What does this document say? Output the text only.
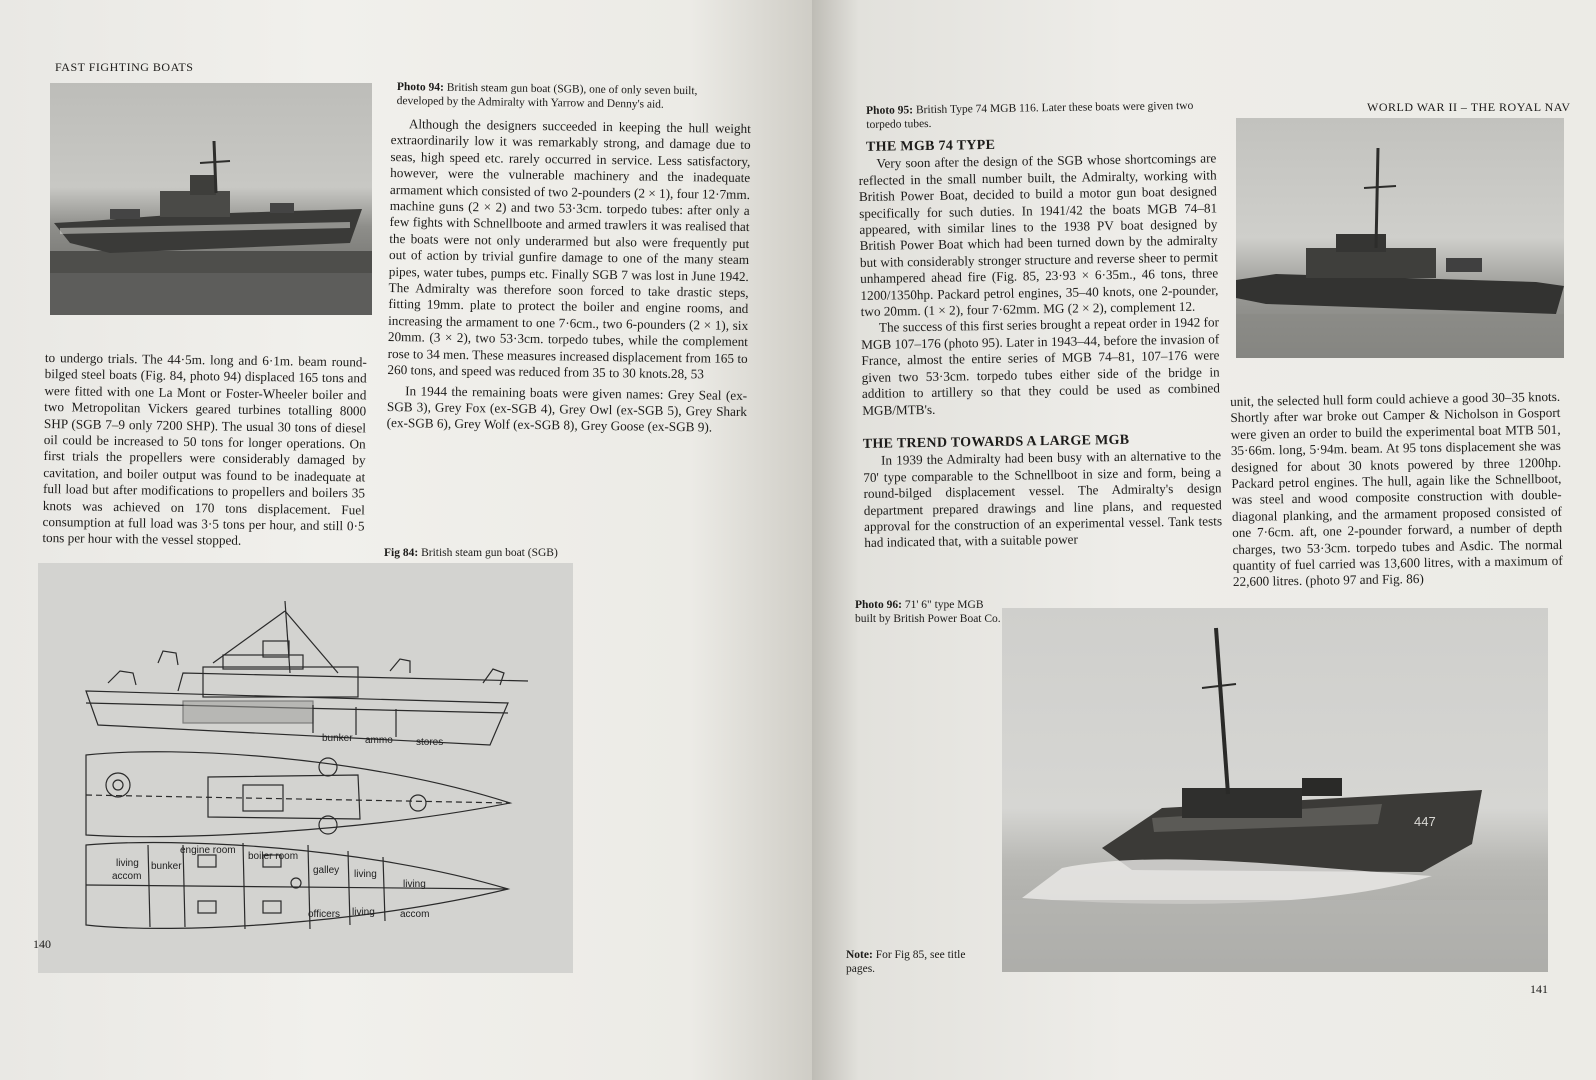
FAST FIGHTING BOATS
Photo 94: British steam gun boat (SGB), one of only seven built, developed by the Admiralty with Yarrow and Denny's aid.

Although the designers succeeded in keeping the hull weight extraordinarily low it was remarkably strong, and damage due to seas, high speed etc. rarely occurred in service. Less satisfactory, however, were the vulnerable machinery and the inadequate armament which consisted of two 2-pounders (2 × 1), four 12·7mm. machine guns (2 × 2) and two 53·3cm. torpedo tubes: after only a few fights with Schnellboote and armed trawlers it was realised that the boats were not only underarmed but also were frequently put out of action by trivial gunfire damage to one of the many steam pipes, water tubes, pumps etc. Finally SGB 7 was lost in June 1942. The Admiralty was therefore soon forced to take drastic steps, fitting 19mm. plate to protect the boiler and engine rooms, and increasing the armament to one 7·6cm., two 6-pounders (2 × 1), six 20mm. (3 × 2), two 53·3cm. torpedo tubes, while the complement rose to 34 men. These measures increased displacement from 165 to 260 tons, and speed was reduced from 35 to 30 knots.28, 53

In 1944 the remaining boats were given names: Grey Seal (ex-SGB 3), Grey Fox (ex-SGB 4), Grey Owl (ex-SGB 5), Grey Shark (ex-SGB 6), Grey Wolf (ex-SGB 8), Grey Goose (ex-SGB 9).

to undergo trials. The 44·5m. long and 6·1m. beam round-bilged steel boats (Fig. 84, photo 94) displaced 165 tons and were fitted with one La Mont or Foster-Wheeler boiler and two Metropolitan Vickers geared turbines totalling 8000 SHP (SGB 7–9 only 7200 SHP). The usual 30 tons of diesel oil could be increased to 50 tons for longer operations. On first trials the propellers were considerably damaged by cavitation, and boiler output was found to be inadequate at full load but after modifications to propellers and boilers 35 knots was achieved on 170 tons displacement. Fuel consumption at full load was 3·5 tons per hour, and still 0·5 tons per hour with the vessel stopped.

Fig 84: British steam gun boat (SGB)
bunker ammo stores
engine room
boiler room
living
accom
bunker	galley living
living
officers living	accom
140
WORLD WAR II – THE ROYAL NAV
Photo 95: British Type 74 MGB 116. Later these boats were given two torpedo tubes.
THE MGB 74 TYPE

Very soon after the design of the SGB whose shortcomings are reflected in the small number built, the Admiralty, working with British Power Boat, decided to build a motor gun boat designed specifically for such duties. In 1941/42 the boats MGB 74–81 appeared, with similar lines to the 1938 PV boat designed by British Power Boat which had been turned down by the admiralty but with considerably stronger structure and reverse sheer to permit unhampered ahead fire (Fig. 85, 23·93 × 6·35m., 46 tons, three 1200/1350hp. Packard petrol engines, 35–40 knots, one 2-pounder, two 20mm. (1 × 2), four 7·62mm. MG (2 × 2), complement 12.

The success of this first series brought a repeat order in 1942 for MGB 107–176 (photo 95). Later in 1943–44, before the invasion of France, almost the entire series of MGB 74–81, 107–176 were given two 53·3cm. torpedo tubes either side of the bridge in addition to artillery so that they could be used as combined MGB/MTB's.

THE TREND TOWARDS A LARGE MGB

In 1939 the Admiralty had been busy with an alternative to the 70' type comparable to the Schnellboot in size and form, being a round-bilged displacement vessel. The Admiralty's design department prepared drawings and line plans, and requested approval for the construction of an experimental vessel. Tank tests had indicated that, with a suitable power

unit, the selected hull form could achieve a good 30–35 knots. Shortly after war broke out Camper & Nicholson in Gosport were given an order to build the experimental boat MTB 501, 35·66m. long, 5·94m. beam. At 95 tons displacement she was designed for about 30 knots powered by three 1200hp. Packard petrol engines. The hull, again like the Schnellboot, was steel and wood composite construction with double-diagonal planking, and the armament proposed consisted of one 7·6cm. aft, one 2-pounder forward, a number of depth charges, two 53·3cm. torpedo tubes and Asdic. The normal quantity of fuel carried was 13,600 litres, with a maximum of 22,600 litres. (photo 97 and Fig. 86)

Photo 96: 71' 6" type MGB built by British Power Boat Co.
447
Note: For Fig 85, see title pages.
141
